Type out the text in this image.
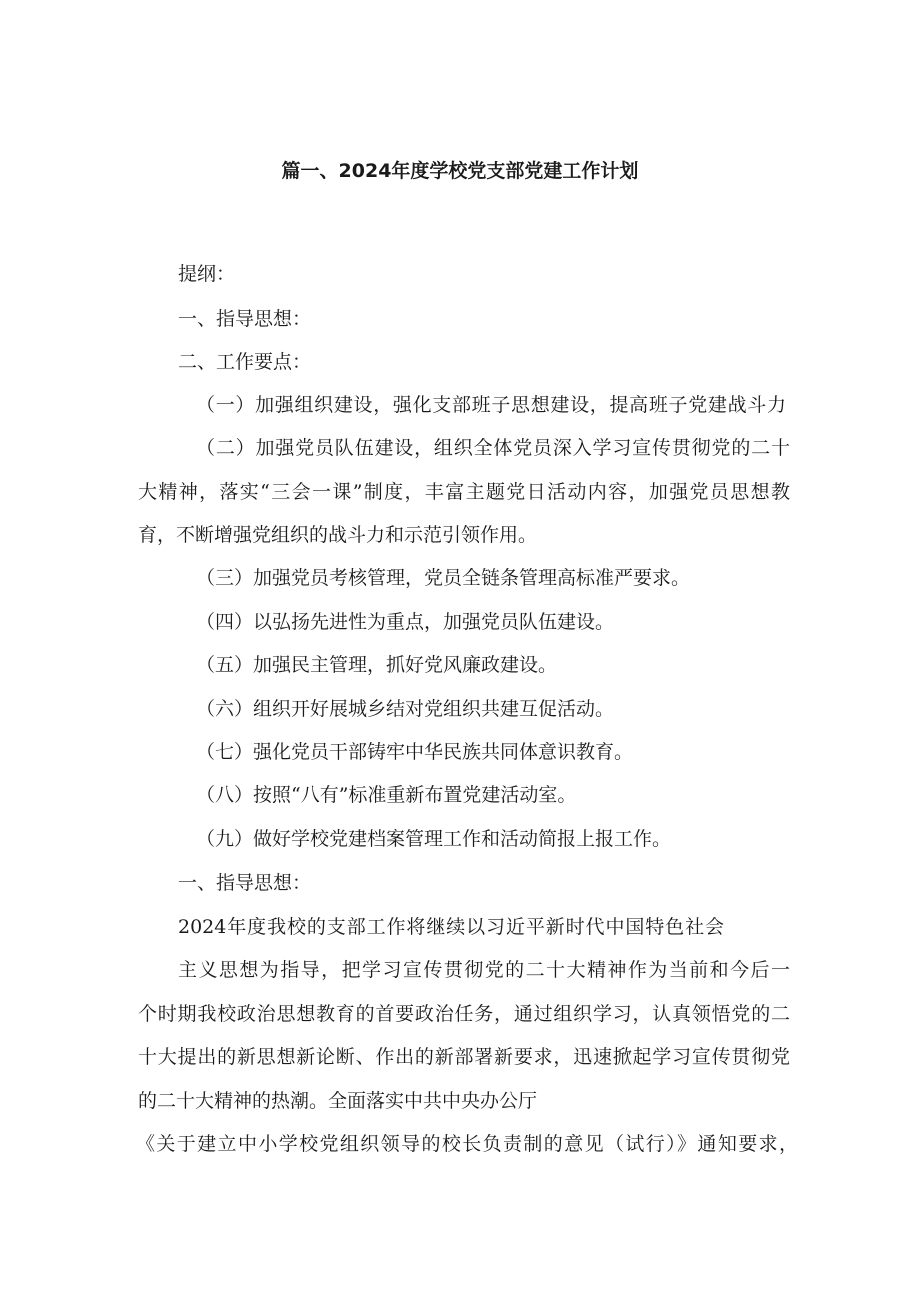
篇一、2024年度学校党支部党建工作计划
提纲：
一、指导思想：
二、工作要点：
（一）加强组织建设，强化支部班子思想建设，提高班子党建战斗力
（二）加强党员队伍建设，组织全体党员深入学习宣传贯彻党的二十
大精神，落实“三会一课”制度，丰富主题党日活动内容，加强党员思想教
育，不断增强党组织的战斗力和示范引领作用。
（三）加强党员考核管理，党员全链条管理高标准严要求。
（四）以弘扬先进性为重点，加强党员队伍建设。
（五）加强民主管理，抓好党风廉政建设。
（六）组织开好展城乡结对党组织共建互促活动。
（七）强化党员干部铸牢中华民族共同体意识教育。
（八）按照“八有”标准重新布置党建活动室。
（九）做好学校党建档案管理工作和活动简报上报工作。
一、指导思想：
2024年度我校的支部工作将继续以习近平新时代中国特色社会
主义思想为指导，把学习宣传贯彻党的二十大精神作为当前和今后一
个时期我校政治思想教育的首要政治任务，通过组织学习，认真领悟党的二
十大提出的新思想新论断、作出的新部署新要求，迅速掀起学习宣传贯彻党
的二十大精神的热潮。全面落实中共中央办公厅
《关于建立中小学校党组织领导的校长负责制的意见（试行）》通知要求，
